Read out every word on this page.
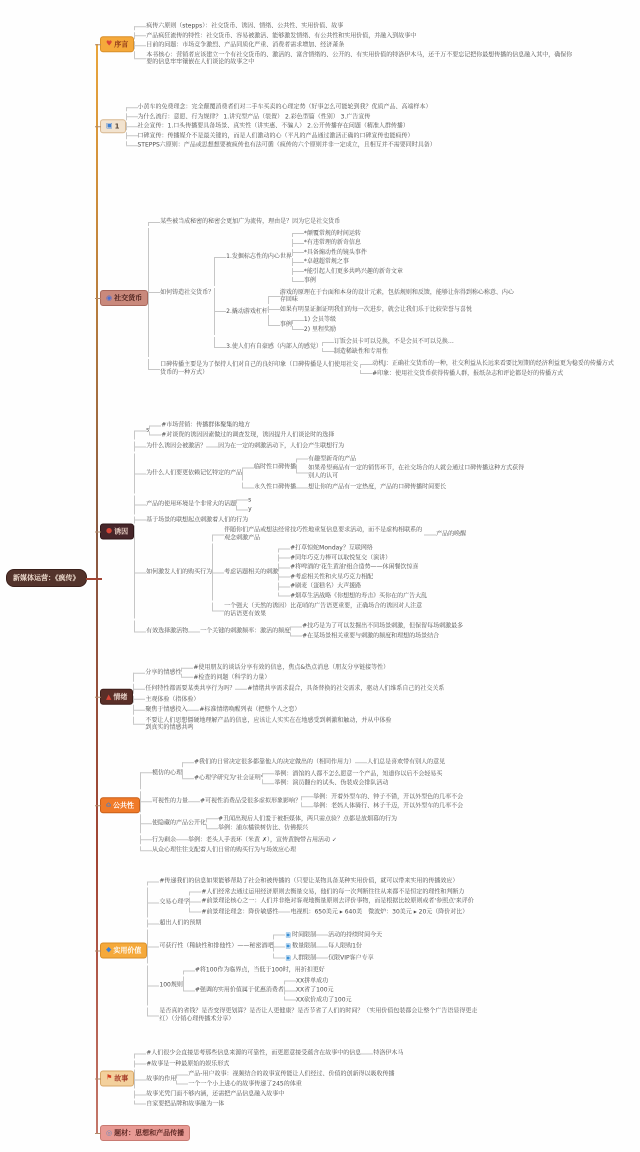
新媒体运营：《疯传》
♥ 序言
疯传六原则（stepps）：社交货币、诱因、情绪、公共性、实用价值、故事
产品疯狂流传的特性：社交货币、容易被激活、能够激发情绪、有公共性和实用价值，并融入到故事中
目前的问题：市场竞争激烈、产品同质化严重、消费者需求增加、经济萧条
本书核心：营销者应该建立一个有社交货币的、激活的、富含情绪的、公开的、有实用价值的特洛伊木马，还千万不要忘记把你最想传播的信息融入其中，确保你要的信息牢牢镶嵌在人们谈论的故事之中
▣ 1
小黄车的免费理念：完全颠覆消费者们对二手车买卖的心理定势（好事怎么可能轮到我？优质产品、高端样本）
为什么流行：意愿、行为规律？ 1.讲究型产品（装置） 2.彩色型篇（性别） 3.广告宣传
社会宣传：1.口头传播要具备场景、真实性（讲实惠、不骗人） 2.公开传播存在问题（精准人群传播）
口碑宣传：传播媒介不是最关键的，而是人们激动的心（平凡的产品通过激活正确的口碑宣传也能疯传）
STEPPS六原则：产品或思想想要被疯传也有法可循（疯传的六个原则并非一定成立，且相互并不需要同时具备）
◉ 社交货币
某些被当成秘密的秘密会更加广为流传，理由是？因为它是社交货币
如何铸造社交货币？
1.发掘标志性的内心世界
*颠覆常规的时间运转
*有违常理的新奇信息
*具备煽动性的镜头事件
*卓越超常规之事
*能引起人们更多共鸣兴趣的新奇文章
事例
2.撬动游戏杠杆
游戏的原理在于台面和本身的设计元素，包括规则和反馈，能够让你得到称心称意、内心存回味
如果有明显证据证明我们的每一次进步，就会让我们乐于比较荣誉与喜悦
事例
1) 会员等级
2) 里程奖励
3.使人们有自豪感（内部人的感觉）
订饭会员卡可以兑换，不是会员不可以兑换…
制造稀缺性和专用性
口碑传播主要是为了保持人们对自己的良好印象（口碑传播是人们使用社交货币的一种方式）
动机J：正确社交货币的一种，社交利益从长远来看要比短期的经济利益更为稳妥的传播方式
#印象：使用社交货币获得传播人群，报纸杂志和评论都是好的传播方式
● 诱因
s
#市场营销：传播群体聚集的地方
#对谈资的诱因因素做过的调查发现，诱因提升人们谈论时的选择
为什么诱因会被激活？ 因为在一定的刺激活动下，人们会产生联想行为
为什么人们要更依赖记忆特定的产品
临时性口碑传播
有趣型新奇的产品
如果希望商品有一定的销售环节，在社交场合的人就会通过口碑传播这种方式获得别人的认可
永久性口碑传播 想让你的产品有一定热度，产品的口碑传播时间要长
产品的使用环境是个非常大的话题
s
y
基于场景的联想起点刺激着人们的行为
如何激发人们的购买行为
伴随你们产品或想法经常技巧性地重复信息要求活动，而不是虚构相联系的观念刺激产品
产品的唤醒
考虑话题相关的刺激
#打草惊蛇Monday？互联网络
#同年巧克力棒可以取悦复交（演讲）
#将啤酒的'花生黄油'组合造势——休闲餐饮惊喜
#考虑相关性和火星巧克力相配
#刷麦（蛋糕名）大声援路
#烟草生活战略《你想想的寿击》买你在的广告大乱
一个强大（天然的诱因）比花哨的广告语更重要，正确场合的诱因对人注意的话语更有效果
有效选择激活物 一个关键的刺激频率：激活的频度
#技巧是为了可以发掘出不同场景刺激，但保留每场刺激最多
#在某场景相关重要与刺激的频度和理想的场景结合
▲ 情绪
分享的情感性
#使用朋友的谈话分享有效的信息，焦点&热点消息（朋友分享链接等性）
#检查的问题（科学的力量）
任何特性都需要某类共享行为吗？ #情绪共享需求混合，具备替换的社交需求，驱动人们维系自己的社交关系
主观体验（指体验）
聚焦于情感投入 #标准情绪唤醒列表（把整个人之恋）
不要让人们思想僵硬地理解产品的信息，应该让人实实在在地感受到刺激和触动，并从中体验到真实的情感共鸣
⌂ 公共性
模仿的心理
#我们的日常决定很多都靠他人的决定做出的（相同作用力） 人们总是喜欢带有别人的意见
#心理学研究为'社会证明'
举例：酒馆的人都不怎么愿意一个产品，知道你以后不会轻易买
举例：演员翻台的试头、伪装成会排队活动
可视性的力量 #可视性消费品受很多虚拟形象影响？
举例：开着外型车的、钟子不错，开以外型色的几率不会
举例：老妈人体骑行、林子千迈，开以外型车的几率不会
使隐藏的产品公开化
#丑闻出现后人们羞于被拒媒体，两只需点验？点都是放烟幕的行为
举例：浦东橘铁树仿比、仿佛振兴
行为剩余 举例：老头人手表环（米黄 ✗），宣传黄腕带占用活动 ✓
从众心理往往支配着人们日常的购买行为与场效应心理
◆ 实用价值
#传递我们的信息如果能够帮助了社会和被传播的（只要让某物具备某种实用价值，就可以带来实用的传播效应）
交易心理学
#人们经常去通过运用经济原则去衡量交易，他们的每一次判断往往从来都不是恒定的理性和判断力
#前景理论核心之一：人们并非绝对客观地衡量原则去评价事物，而是根据比较原则或者'参照点'来评价
#前景理论理念：降价敏感性 电视机：650美元 ▸ 640美　微波炉：30美元 ▸ 20元（降价对比）
超出人们的预期
可获行性（稀缺性和排他性）——秘密酒吧
▣时间限制 活动的持续时间今天
▣数量限制 每人限购1份
▣人群限制 仅限VIP客户专享
100规则
#将100作为临界点，当低于100时，用折扣更好
#强调的实用价值属于优惠消费者
XX拼单成功
XX省了100元
XX砍价成功了100元
是否真的省钱？是否变得更划算？是否让人更健康？是否节省了人们的时间？（实用价值包装都会让整个广告语显得更走红）（分销心理传播术分享）
⚑ 故事
#人们很少会直接思考那些信息来源的可靠性，而更愿意接受蕴含在故事中的信息 特洛伊木马
#故事是一种最原始的娱乐形式
故事的作用
产品-用户故事：视频结合的故事宣传能让人们经过、价值的创新得以吸收传播
一个一个小上进心的故事传递了245的体重
故事光凭门面不够内涵，还需把产品信息融入故事中
自家要把品牌和故事融为一体
◎ 题材：思想和产品传播
